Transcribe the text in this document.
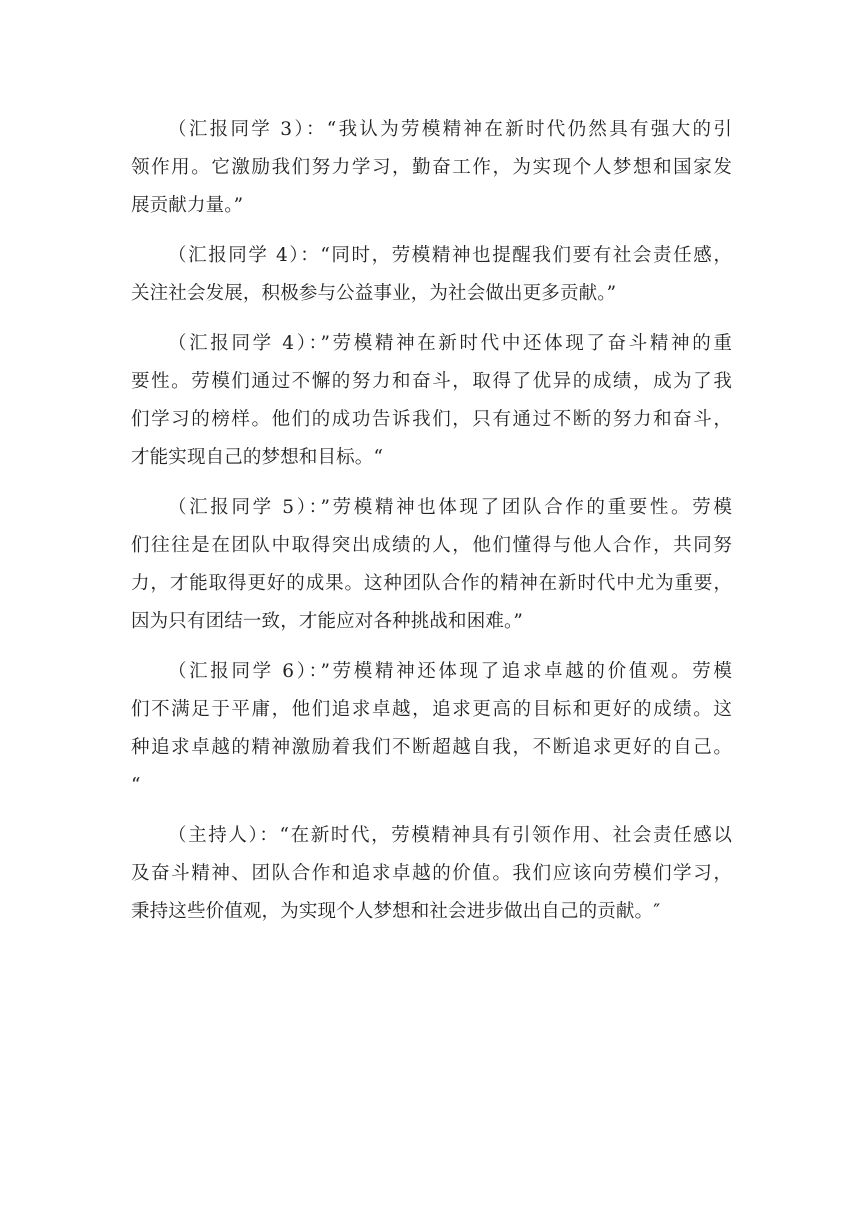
（汇报同学 3）：“我认为劳模精神在新时代仍然具有强大的引
领作用。它激励我们努力学习，勤奋工作，为实现个人梦想和国家发
展贡献力量。”

（汇报同学 4）：“同时，劳模精神也提醒我们要有社会责任感，
关注社会发展，积极参与公益事业，为社会做出更多贡献。”

（汇报同学 4）：”劳模精神在新时代中还体现了奋斗精神的重
要性。劳模们通过不懈的努力和奋斗，取得了优异的成绩，成为了我
们学习的榜样。他们的成功告诉我们，只有通过不断的努力和奋斗，
才能实现自己的梦想和目标。“

（汇报同学 5）：”劳模精神也体现了团队合作的重要性。劳模
们往往是在团队中取得突出成绩的人，他们懂得与他人合作，共同努
力，才能取得更好的成果。这种团队合作的精神在新时代中尤为重要，
因为只有团结一致，才能应对各种挑战和困难。”

（汇报同学 6）：”劳模精神还体现了追求卓越的价值观。劳模
们不满足于平庸，他们追求卓越，追求更高的目标和更好的成绩。这
种追求卓越的精神激励着我们不断超越自我，不断追求更好的自己。
“

（主持人）：“在新时代，劳模精神具有引领作用、社会责任感以
及奋斗精神、团队合作和追求卓越的价值。我们应该向劳模们学习，
秉持这些价值观，为实现个人梦想和社会进步做出自己的贡献。″
